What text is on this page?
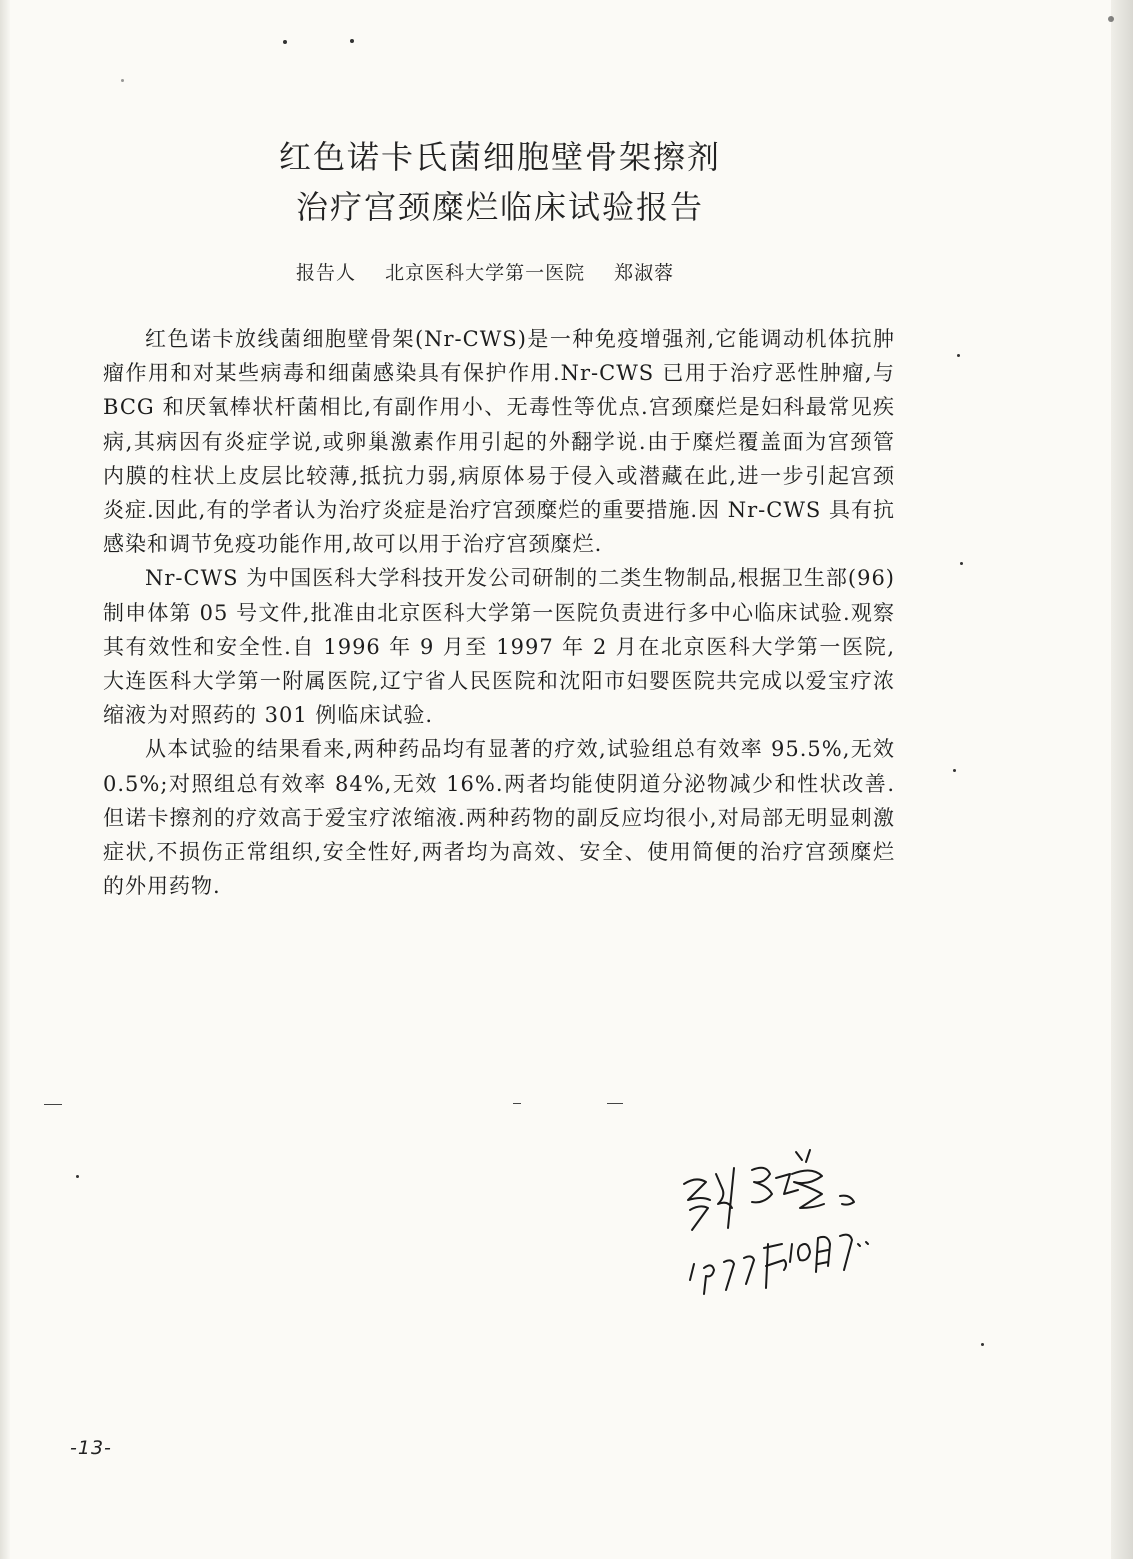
红色诺卡氏菌细胞壁骨架擦剂
治疗宫颈糜烂临床试验报告
报告人 北京医科大学第一医院 郑淑蓉

红色诺卡放线菌细胞壁骨架(Nr-CWS)是一种免疫增强剂,它能调动机体抗肿瘤作用和对某些病毒和细菌感染具有保护作用.Nr-CWS 已用于治疗恶性肿瘤,与 BCG 和厌氧棒状杆菌相比,有副作用小、无毒性等优点.宫颈糜烂是妇科最常见疾病,其病因有炎症学说,或卵巢激素作用引起的外翻学说.由于糜烂覆盖面为宫颈管内膜的柱状上皮层比较薄,抵抗力弱,病原体易于侵入或潜藏在此,进一步引起宫颈炎症.因此,有的学者认为治疗炎症是治疗宫颈糜烂的重要措施.因 Nr-CWS 具有抗感染和调节免疫功能作用,故可以用于治疗宫颈糜烂.

Nr-CWS 为中国医科大学科技开发公司研制的二类生物制品,根据卫生部(96)制申体第 05 号文件,批准由北京医科大学第一医院负责进行多中心临床试验.观察其有效性和安全性.自 1996 年 9 月至 1997 年 2 月在北京医科大学第一医院,大连医科大学第一附属医院,辽宁省人民医院和沈阳市妇婴医院共完成以爱宝疗浓缩液为对照药的 301 例临床试验.

从本试验的结果看来,两种药品均有显著的疗效,试验组总有效率 95.5%,无效 0.5%;对照组总有效率 84%,无效 16%.两者均能使阴道分泌物减少和性状改善.但诺卡擦剂的疗效高于爱宝疗浓缩液.两种药物的副反应均很小,对局部无明显刺激症状,不损伤正常组织,安全性好,两者均为高效、安全、使用简便的治疗宫颈糜烂的外用药物.

-13-
